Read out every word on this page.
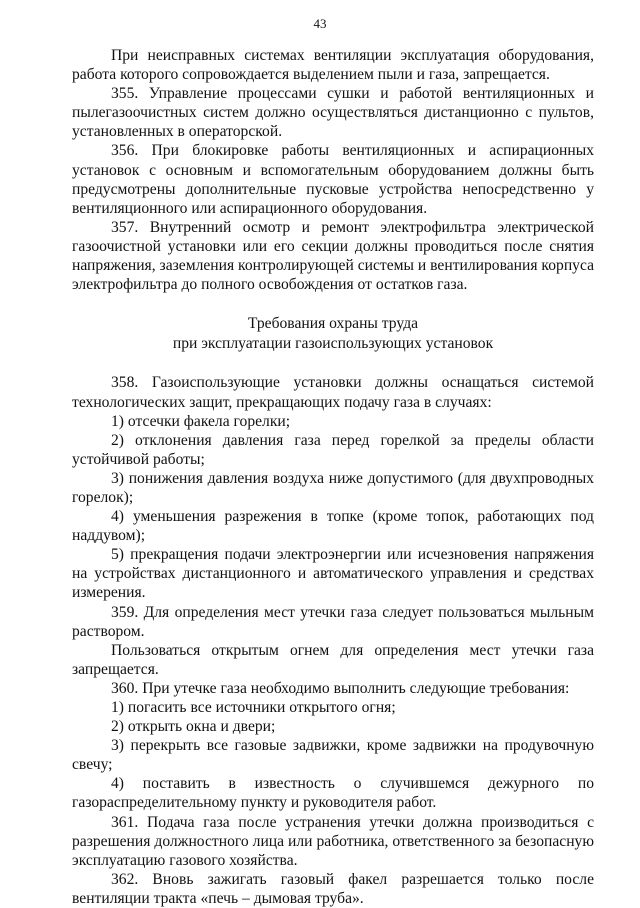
43

При неисправных системах вентиляции эксплуатация оборудования, работа которого сопровождается выделением пыли и газа, запрещается.

355. Управление процессами сушки и работой вентиляционных и пылегазоочистных систем должно осуществляться дистанционно с пультов, установленных в операторской.

356. При блокировке работы вентиляционных и аспирационных установок с основным и вспомогательным оборудованием должны быть предусмотрены дополнительные пусковые устройства непосредственно у вентиляционного или аспирационного оборудования.

357. Внутренний осмотр и ремонт электрофильтра электрической газоочистной установки или его секции должны проводиться после снятия напряжения, заземления контролирующей системы и вентилирования корпуса электрофильтра до полного освобождения от остатков газа.

Требования охраны труда
при эксплуатации газоиспользующих установок

358. Газоиспользующие установки должны оснащаться системой технологических защит, прекращающих подачу газа в случаях:

1) отсечки факела горелки;

2) отклонения давления газа перед горелкой за пределы области устойчивой работы;

3) понижения давления воздуха ниже допустимого (для двухпроводных горелок);

4) уменьшения разрежения в топке (кроме топок, работающих под наддувом);

5) прекращения подачи электроэнергии или исчезновения напряжения на устройствах дистанционного и автоматического управления и средствах измерения.

359. Для определения мест утечки газа следует пользоваться мыльным раствором.

Пользоваться открытым огнем для определения мест утечки газа запрещается.

360. При утечке газа необходимо выполнить следующие требования:

1) погасить все источники открытого огня;

2) открыть окна и двери;

3) перекрыть все газовые задвижки, кроме задвижки на продувочную свечу;

4) поставить в известность о случившемся дежурного по газораспределительному пункту и руководителя работ.

361. Подача газа после устранения утечки должна производиться с разрешения должностного лица или работника, ответственного за безопасную эксплуатацию газового хозяйства.

362. Вновь зажигать газовый факел разрешается только после вентиляции тракта «печь – дымовая труба».
